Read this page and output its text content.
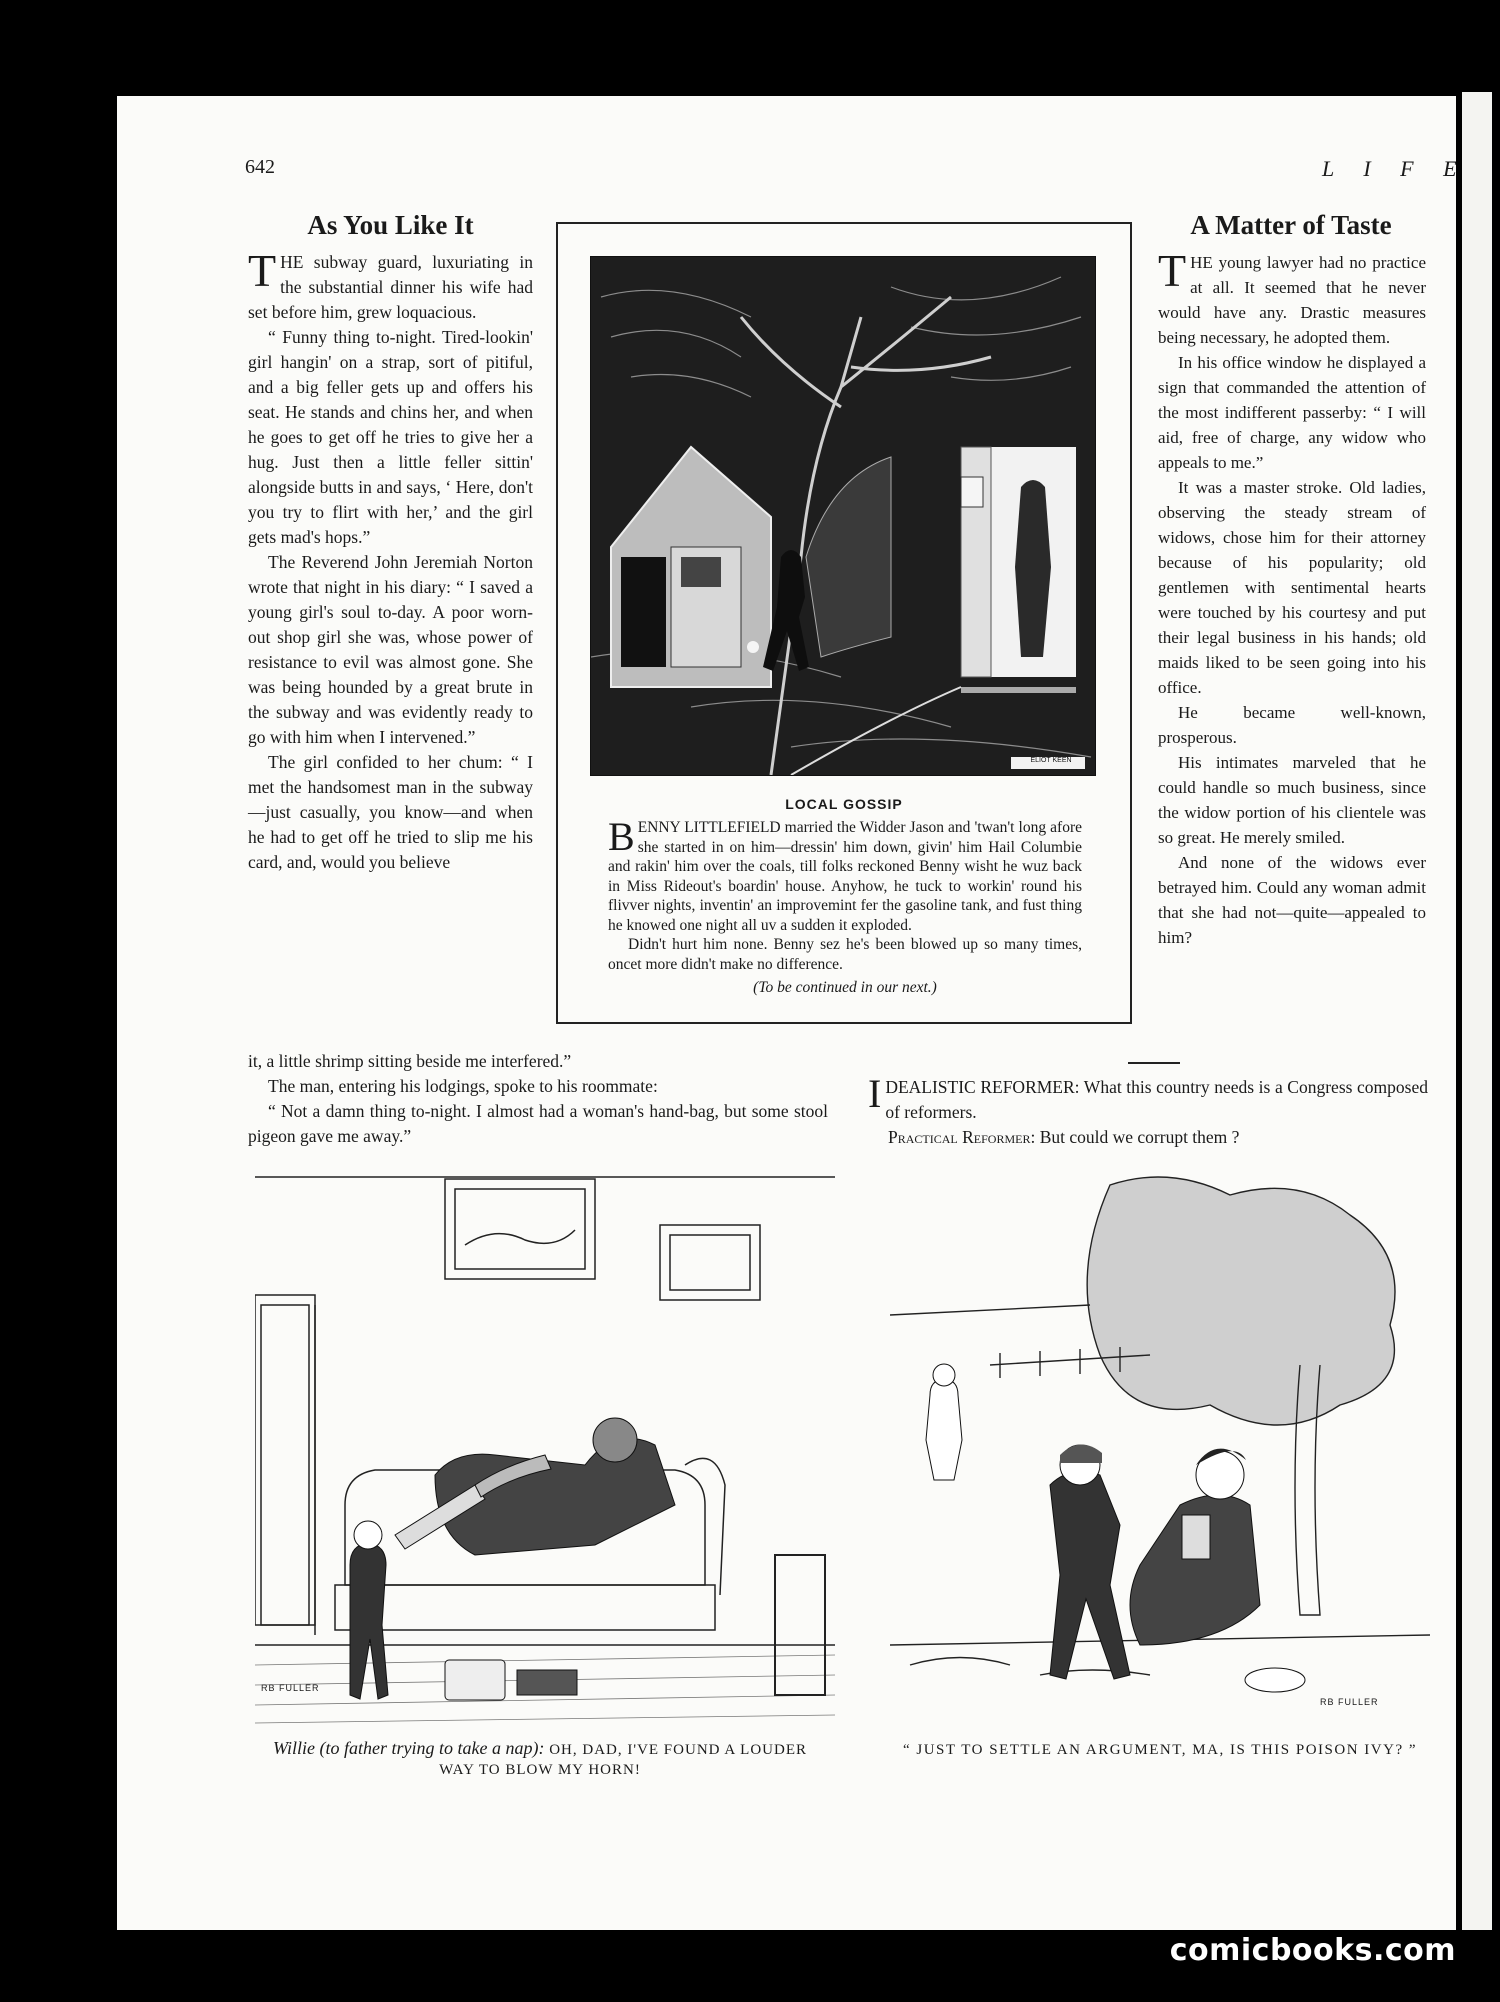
642	L I F E
As You Like It

THE subway guard, luxuriating in the substantial dinner his wife had set before him, grew loquacious.

“ Funny thing to-night. Tired-lookin' girl hangin' on a strap, sort of pitiful, and a big feller gets up and offers his seat. He stands and chins her, and when he goes to get off he tries to give her a hug. Just then a little feller sittin' alongside butts in and says, ‘ Here, don't you try to flirt with her,’ and the girl gets mad's hops.”

The Reverend John Jeremiah Norton wrote that night in his diary: “ I saved a young girl's soul to-day. A poor worn-out shop girl she was, whose power of resistance to evil was almost gone. She was being hounded by a great brute in the subway and was evidently ready to go with him when I intervened.”

The girl confided to her chum: “ I met the handsomest man in the subway—just casually, you know—and when he had to get off he tried to slip me his card, and, would you believe

it, a little shrimp sitting beside me interfered.”

The man, entering his lodgings, spoke to his roommate:

“ Not a damn thing to-night. I almost had a woman's hand-bag, but some stool pigeon gave me away.”

ELIOT KEEN
LOCAL GOSSIP

BENNY LITTLEFIELD married the Widder Jason and 'twan't long afore she started in on him—dressin' him down, givin' him Hail Columbie and rakin' him over the coals, till folks reckoned Benny wisht he wuz back in Miss Rideout's boardin' house. Anyhow, he tuck to workin' round his flivver nights, inventin' an improvemint fer the gasoline tank, and fust thing he knowed one night all uv a sudden it exploded.

Didn't hurt him none. Benny sez he's been blowed up so many times, oncet more didn't make no difference.

(To be continued in our next.)

A Matter of Taste

THE young lawyer had no practice at all. It seemed that he never would have any. Drastic measures being necessary, he adopted them.

In his office window he displayed a sign that commanded the attention of the most indifferent passerby: “ I will aid, free of charge, any widow who appeals to me.”

It was a master stroke. Old ladies, observing the steady stream of widows, chose him for their attorney because of his popularity; old gentlemen with sentimental hearts were touched by his courtesy and put their legal business in his hands; old maids liked to be seen going into his office.

He became well-known, prosperous.

His intimates marveled that he could handle so much business, since the widow portion of his clientele was so great. He merely smiled.

And none of the widows ever betrayed him. Could any woman admit that she had not—quite—appealed to him?

IDEALISTIC REFORMER: What this country needs is a Congress composed of reformers.

Practical Reformer: But could we corrupt them ?

RB FULLER
Willie (to father trying to take a nap): OH, DAD, I'VE FOUND A LOUDER WAY TO BLOW MY HORN!
RB FULLER
“ JUST TO SETTLE AN ARGUMENT, MA, IS THIS POISON IVY? ”
comicbooks.com
